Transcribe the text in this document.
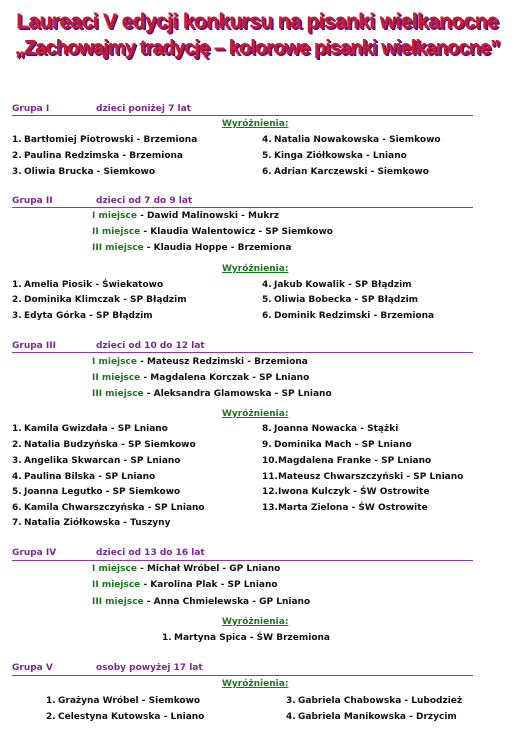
Laureaci V edycji konkursu na pisanki wielkanocne
„Zachowajmy tradycję – kolorowe pisanki wielkanocne”
Grupa I	dzieci poniżej 7 lat
Wyróżnienia:
1.Bartłomiej Piotrowski - Brzemiona
2.Paulina Redzimska - Brzemiona
3.Oliwia Brucka - Siemkowo
4.Natalia Nowakowska - Siemkowo
5.Kinga Ziółkowska - Lniano
6.Adrian Karczewski - Siemkowo
Grupa II	dzieci od 7 do 9 lat
I miejsce - Dawid Malinowski - Mukrz
II miejsce - Klaudia Walentowicz - SP Siemkowo
III miejsce - Klaudia Hoppe - Brzemiona
Wyróżnienia:
1.Amelia Piosik - Świekatowo
2.Dominika Klimczak - SP Błądzim
3.Edyta Górka - SP Błądzim
4.Jakub Kowalik - SP Błądzim
5.Oliwia Bobecka - SP Błądzim
6.Dominik Redzimski - Brzemiona
Grupa III	dzieci od 10 do 12 lat
I miejsce - Mateusz Redzimski - Brzemiona
II miejsce - Magdalena Korczak - SP Lniano
III miejsce - Aleksandra Glamowska - SP Lniano
Wyróżnienia:
1.Kamila Gwizdała - SP Lniano
2.Natalia Budzyńska - SP Siemkowo
3.Angelika Skwarcan - SP Lniano
4.Paulina Bilska - SP Lniano
5.Joanna Legutko - SP Siemkowo
6.Kamila Chwarszczyńska - SP Lniano
7.Natalia Ziółkowska - Tuszyny
8.Joanna Nowacka - Stążki
9.Dominika Mach - SP Lniano
10.Magdalena Franke - SP Lniano
11.Mateusz Chwarszczyński - SP Lniano
12.Iwona Kulczyk - ŚW Ostrowite
13.Marta Zielona - ŚW Ostrowite
Grupa IV	dzieci od 13 do 16 lat
I miejsce - Michał Wróbel - GP Lniano
II miejsce - Karolina Plak - SP Lniano
III miejsce - Anna Chmielewska - GP Lniano
Wyróżnienia:
1.Martyna Spica - ŚW Brzemiona
Grupa V	osoby powyżej 17 lat
Wyróżnienia:
1.Grażyna Wróbel - Siemkowo
2.Celestyna Kutowska - Lniano
3.Gabriela Chabowska - Lubodzież
4.Gabriela Manikowska - Drzycim
